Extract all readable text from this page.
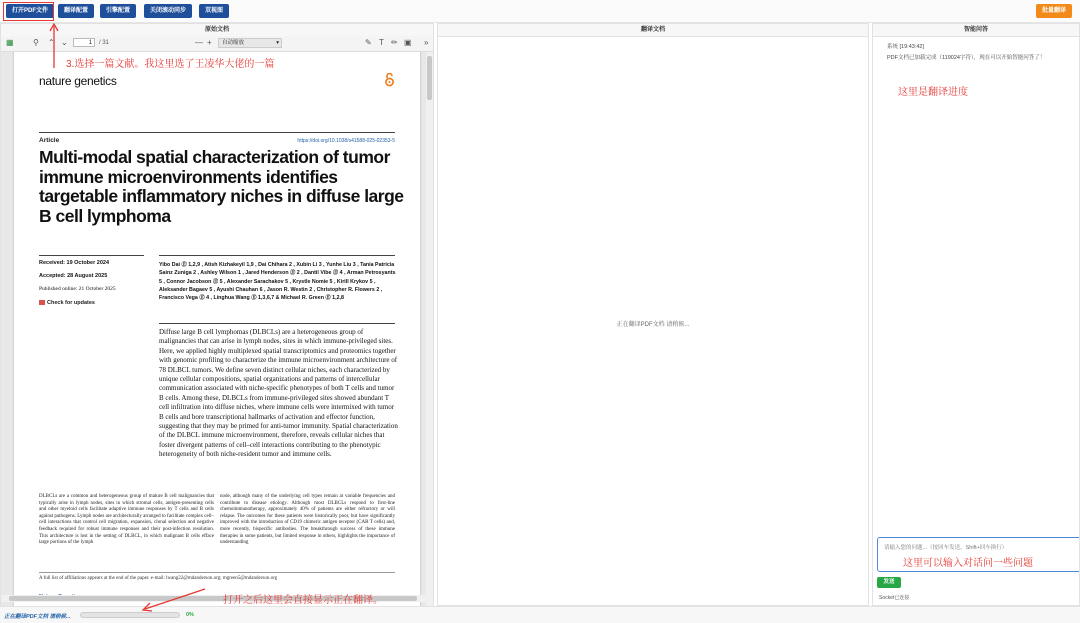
打开PDF文件	翻译配置	引擎配置	关闭滚动同步	双视图	批量翻译
原始文档
▦ ⚲ ⌃ ⌄	1	/ 31	— +	自动缩放	▾	✎ T ✏ ▣ »
nature genetics
Article	https://doi.org/10.1038/s41588-025-02353-5
Multi-modal spatial characterization of tumor immune microenvironments identifies targetable inflammatory niches in diffuse large B cell lymphoma
Received: 19 October 2024
Accepted: 28 August 2025
Published online: 21 October 2025
Check for updates
Yibo Dai Ⓔ 1,2,9 , Atish Kizhakeyil 1,9 , Dai Chihara 2 , Xubin Li 3 , Yunhe Liu 3 , Tania Patricia Sainz Zuniga 2 , Ashley Wilson 1 , Jared Henderson Ⓔ 2 , Dantil Vibe Ⓔ 4 , Arman Petrosyants 5 , Connor Jacobson Ⓔ 5 , Alexander Sarachakov 5 , Krystle Nomie 5 , Kirill Krykov 5 , Aleksander Bagaev 5 , Ayushi Chauhan 6 , Jason R. Westin 2 , Christopher R. Flowers 2 , Francisco Vega Ⓔ 4 , Linghua Wang Ⓔ 1,3,6,7 & Michael R. Green Ⓔ 1,2,8
Diffuse large B cell lymphomas (DLBCLs) are a heterogeneous group of malignancies that can arise in lymph nodes, sites in which immune-privileged sites. Here, we applied highly multiplexed spatial transcriptomics and proteomics together with genomic profiling to characterize the immune microenvironment architecture of 78 DLBCL tumors. We define seven distinct cellular niches, each characterized by unique cellular compositions, spatial organizations and patterns of intercellular communication associated with niche-specific phenotypes of both T cells and tumor B cells. Among these, DLBCLs from immune-privileged sites showed abundant T cell infiltration into diffuse niches, where immune cells were intermixed with tumor B cells and bore transcriptional hallmarks of activation and effector function, suggesting that they may be primed for anti-tumor immunity. Spatial characterization of the DLBCL immune microenvironment, therefore, reveals cellular niches that foster divergent patterns of cell–cell interactions contributing to the phenotypic heterogeneity of both niche-resident tumor and immune cells.
DLBCLs are a common and heterogeneous group of mature B cell malignancies that typically arise in lymph nodes, sites in which stromal cells, antigen-presenting cells and other myeloid cells facilitate adaptive immune responses by T cells and B cells against pathogens. Lymph nodes are architecturally arranged to facilitate complex cell–cell interactions that control cell migration, expansion, clonal selection and negative feedback required for robust immune responses and their post-infection resolution. This architecture is lost in the setting of DLBCL, in which malignant B cells efface large portions of the lymph
node, although many of the underlying cell types remain at variable frequencies and contribute to disease etiology. Although most DLBCLs respond to first-line chemoimmunotherapy, approximately 40% of patients are either refractory or will relapse. The outcomes for these patients were historically poor, but have significantly improved with the introduction of CD19 chimeric antigen receptor (CAR T cells) and, more recently, bispecific antibodies. The breakthrough success of these immune therapies in some patients, but limited response in others, highlights the importance of understanding
A full list of affiliations appears at the end of the paper. e-mail: lwang22@mdanderson.org; mgreen5@mdanderson.org
翻译文档
正在翻译PDF文档 请稍候...
智能问答
系统 [19:43:42]
PDF文档已加载完成（119024字符），现在可以开始智能问答了！
请输入您的问题...（按回车发送，Shift+回车换行）
发送
Socket已连接
正在翻译PDF文档 请稍候...	0%
3.选择一篇文献。我这里选了王凌华大佬的一篇
这里是翻译进度
这里可以输入对话问一些问题
打开之后这里会直接显示正在翻译。
